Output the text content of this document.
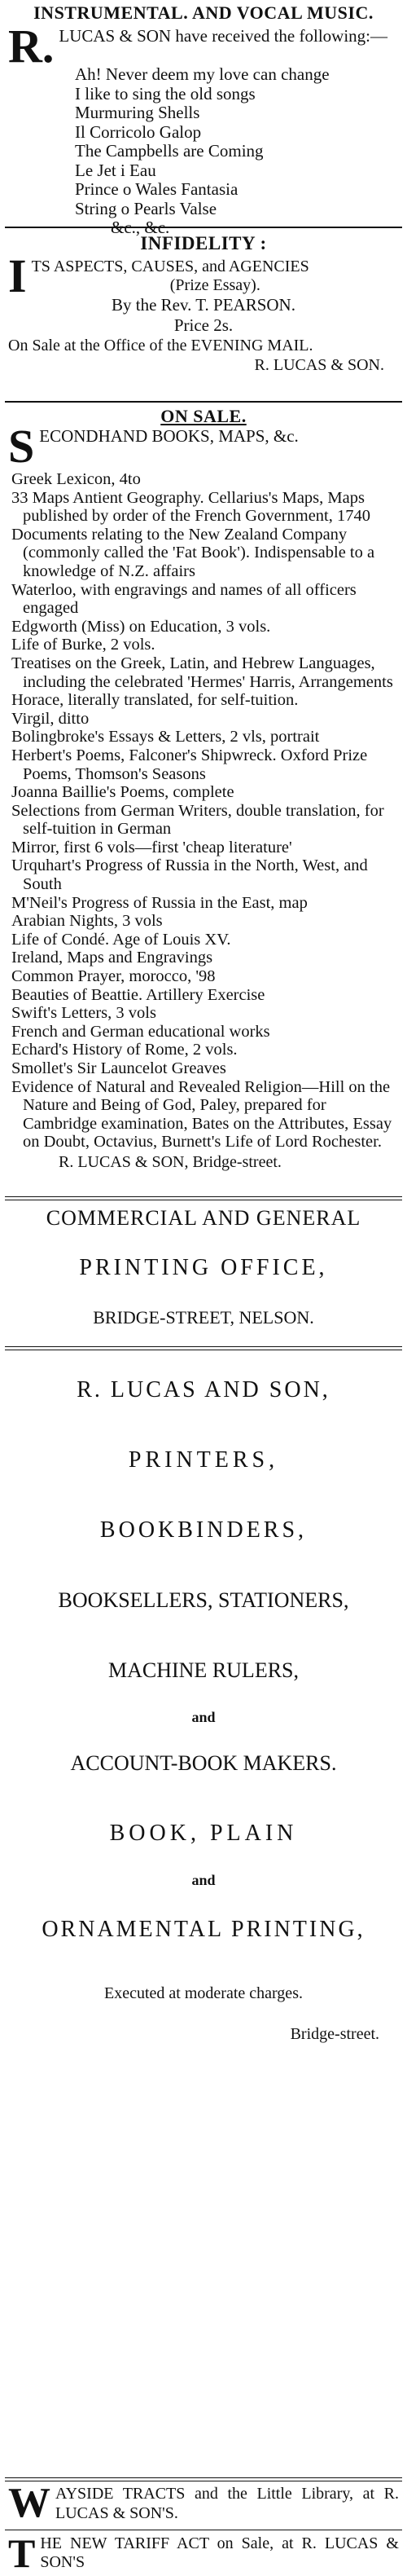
INSTRUMENTAL. AND VOCAL MUSIC.
R. LUCAS & SON have received the following:—
Ah! Never deem my love can change
I like to sing the old songs
Murmuring Shells
Il Corricolo Galop
The Campbells are Coming
Le Jet i Eau
Prince o Wales Fantasia
String o Pearls Valse
&c., &c.
INFIDELITY :
I TS ASPECTS, CAUSES, and AGENCIES
(Prize Essay).
By the Rev. T. PEARSON.
Price 2s.
On Sale at the Office of the EVENING MAIL.
R. LUCAS & SON.
ON SALE.
S ECONDHAND BOOKS, MAPS, &c.
Greek Lexicon, 4to
33 Maps Antient Geography. Cellarius's Maps, Maps published by order of the French Government, 1740
Documents relating to the New Zealand Company (commonly called the 'Fat Book'). Indispensable to a knowledge of N.Z. affairs
Waterloo, with engravings and names of all officers engaged
Edgworth (Miss) on Education, 3 vols.
Life of Burke, 2 vols.
Treatises on the Greek, Latin, and Hebrew Languages, including the celebrated 'Hermes' Harris, Arrangements
Horace, literally translated, for self-tuition.
Virgil, ditto
Bolingbroke's Essays & Letters, 2 vls, portrait
Herbert's Poems, Falconer's Shipwreck. Oxford Prize Poems, Thomson's Seasons
Joanna Baillie's Poems, complete
Selections from German Writers, double translation, for self-tuition in German
Mirror, first 6 vols—first 'cheap literature'
Urquhart's Progress of Russia in the North, West, and South
M'Neil's Progress of Russia in the East, map
Arabian Nights, 3 vols
Life of Condé. Age of Louis XV.
Ireland, Maps and Engravings
Common Prayer, morocco, '98
Beauties of Beattie. Artillery Exercise
Swift's Letters, 3 vols
French and German educational works
Echard's History of Rome, 2 vols.
Smollet's Sir Launcelot Greaves
Evidence of Natural and Revealed Religion—Hill on the Nature and Being of God, Paley, prepared for Cambridge examination, Bates on the Attributes, Essay on Doubt, Octavius, Burnett's Life of Lord Rochester.
R. LUCAS & SON, Bridge-street.
COMMERCIAL AND GENERAL
PRINTING OFFICE,
BRIDGE-STREET, NELSON.
R. LUCAS AND SON,
PRINTERS,
BOOKBINDERS,
BOOKSELLERS, STATIONERS,
MACHINE RULERS,
and
ACCOUNT-BOOK MAKERS.
BOOK, PLAIN
and
ORNAMENTAL PRINTING,
Executed at moderate charges.
Bridge-street.
W AYSIDE TRACTS and the Little Library, at R. LUCAS & SON'S.
T HE NEW TARIFF ACT on Sale, at R. LUCAS & SON'S
